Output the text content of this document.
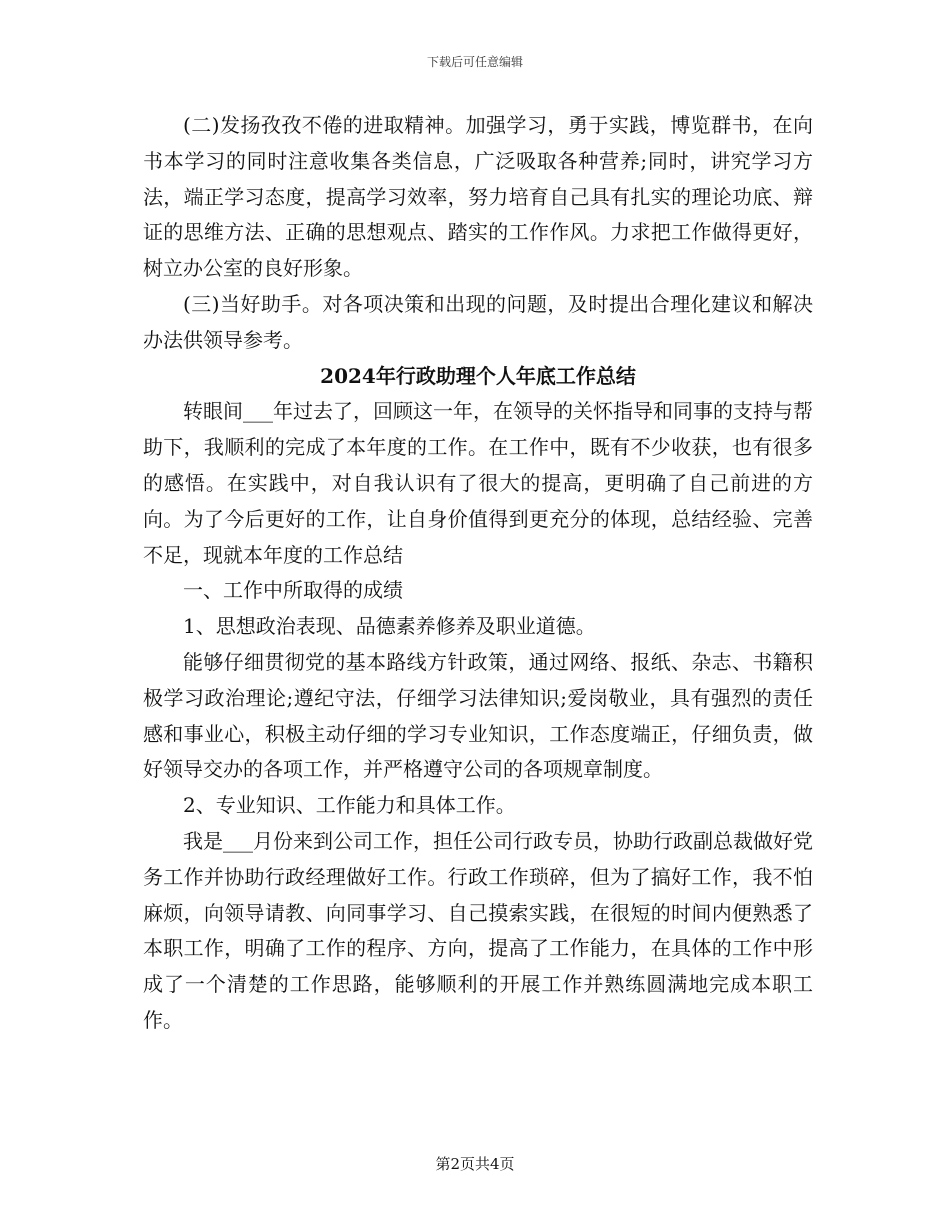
下载后可任意编辑

(二)发扬孜孜不倦的进取精神。加强学习，勇于实践，博览群书，在向书本学习的同时注意收集各类信息，广泛吸取各种营养;同时，讲究学习方法，端正学习态度，提高学习效率，努力培育自己具有扎实的理论功底、辩证的思维方法、正确的思想观点、踏实的工作作风。力求把工作做得更好，树立办公室的良好形象。

(三)当好助手。对各项决策和出现的问题，及时提出合理化建议和解决办法供领导参考。

2024年行政助理个人年底工作总结

转眼间___年过去了，回顾这一年，在领导的关怀指导和同事的支持与帮助下，我顺利的完成了本年度的工作。在工作中，既有不少收获，也有很多的感悟。在实践中，对自我认识有了很大的提高，更明确了自己前进的方向。为了今后更好的工作，让自身价值得到更充分的体现，总结经验、完善不足，现就本年度的工作总结

一、工作中所取得的成绩

1、思想政治表现、品德素养修养及职业道德。

能够仔细贯彻党的基本路线方针政策，通过网络、报纸、杂志、书籍积极学习政治理论;遵纪守法，仔细学习法律知识;爱岗敬业，具有强烈的责任感和事业心，积极主动仔细的学习专业知识，工作态度端正，仔细负责，做好领导交办的各项工作，并严格遵守公司的各项规章制度。

2、专业知识、工作能力和具体工作。

我是___月份来到公司工作，担任公司行政专员，协助行政副总裁做好党务工作并协助行政经理做好工作。行政工作琐碎，但为了搞好工作，我不怕麻烦，向领导请教、向同事学习、自己摸索实践，在很短的时间内便熟悉了本职工作，明确了工作的程序、方向，提高了工作能力，在具体的工作中形成了一个清楚的工作思路，能够顺利的开展工作并熟练圆满地完成本职工作。

第2页共4页
